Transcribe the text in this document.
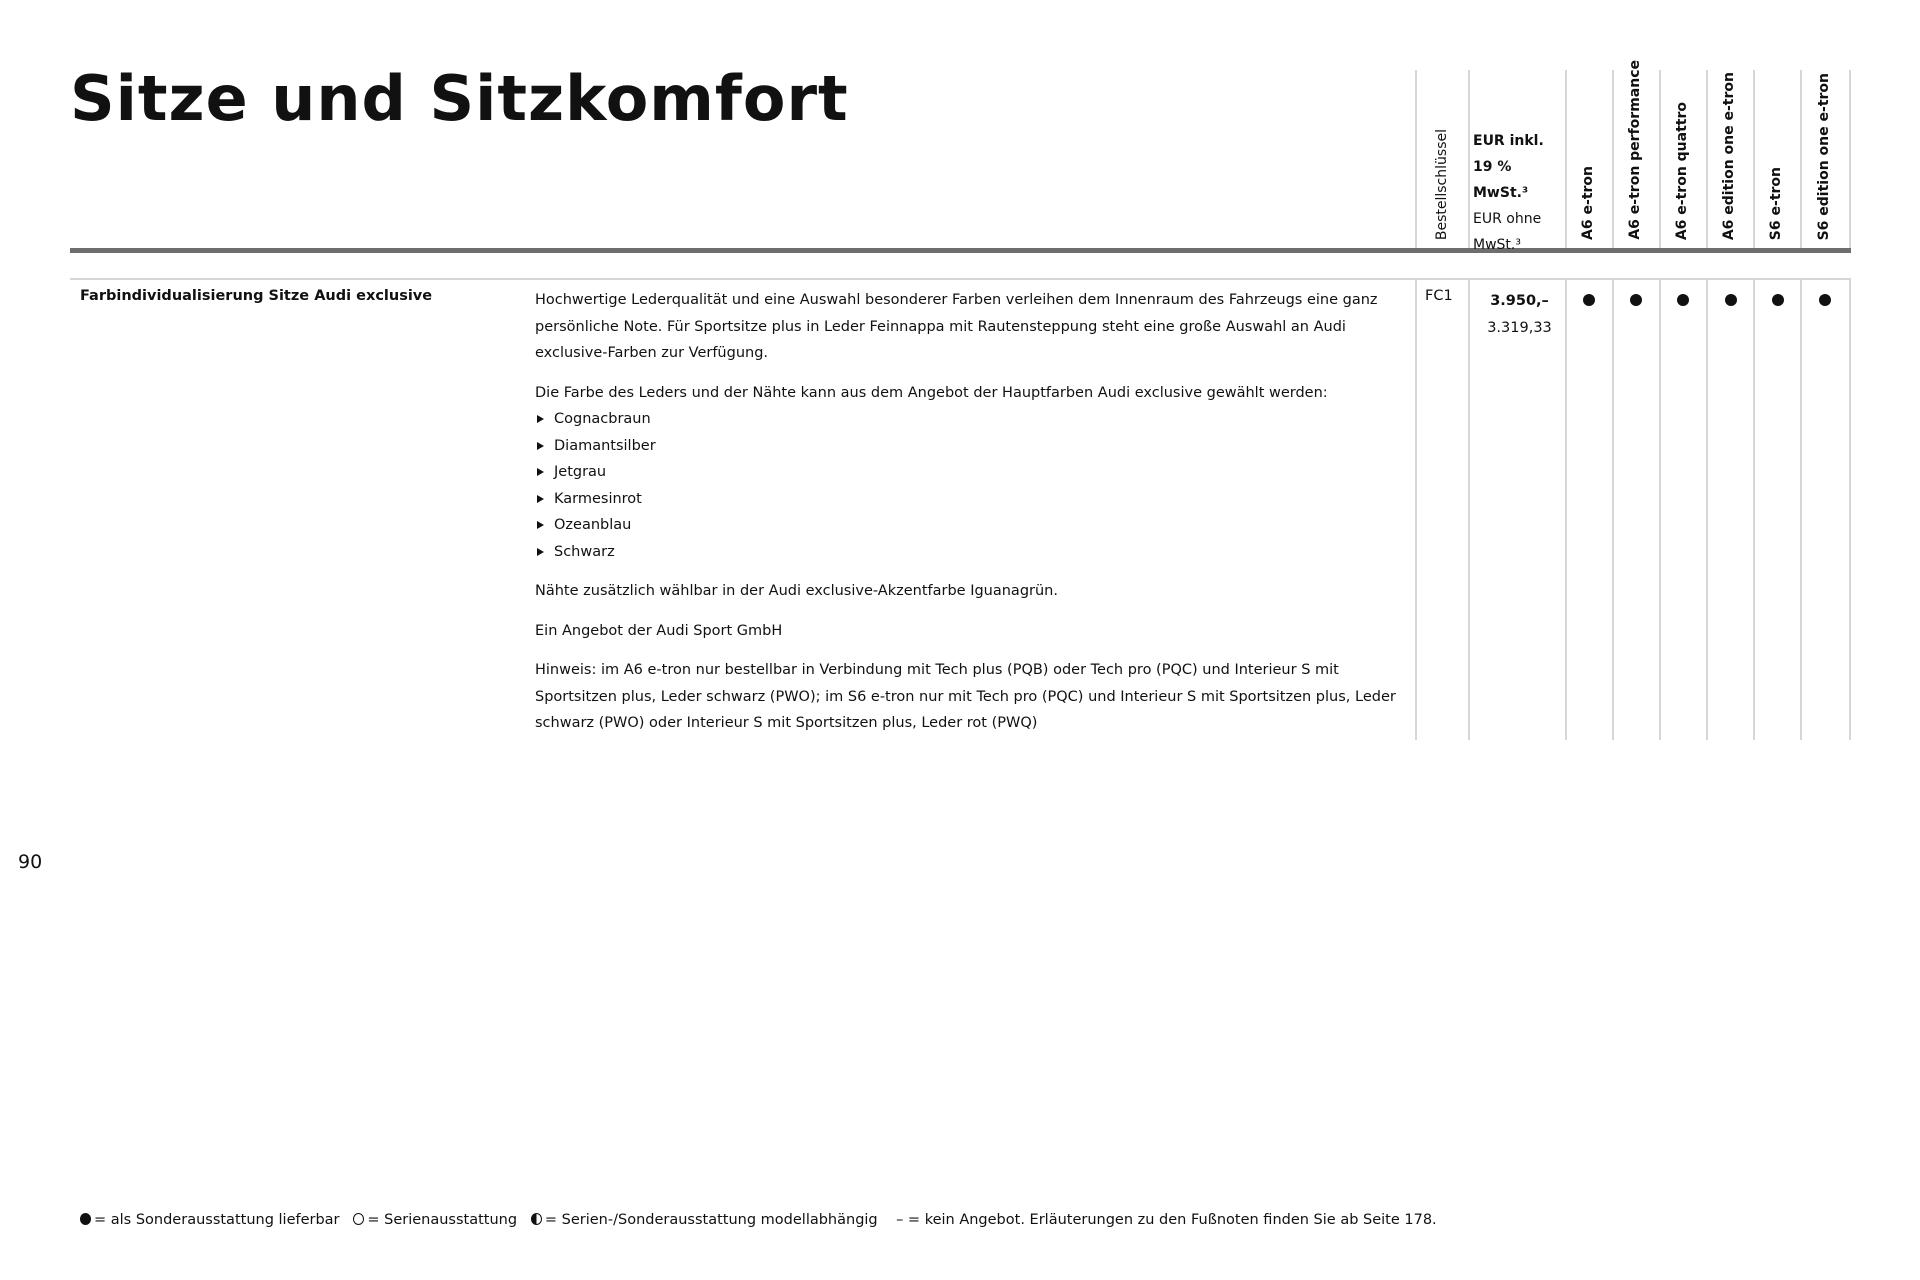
Sitze und Sitzkomfort
Bestellschlüssel EUR inkl. 19 % MwSt.³
EUR ohne MwSt.³
A6 e-tron A6 e-tron performance A6 e-tron quattro A6 edition one e-tron S6 e-tron S6 edition one e-tron
Farbindividualisierung Sitze Audi exclusive	Hochwertige Lederqualität und eine Auswahl besonderer Farben verleihen dem Innenraum des Fahrzeugs eine ganz persönliche Note. Für Sportsitze plus in Leder Feinnappa mit Rautensteppung steht eine große Auswahl an Audi exclusive-Farben zur Verfügung.

Die Farbe des Leders und der Nähte kann aus dem Angebot der Hauptfarben Audi exclusive gewählt werden:

Cognacbraun
Diamantsilber
Jetgrau
Karmesinrot
Ozeanblau
Schwarz

Nähte zusätzlich wählbar in der Audi exclusive-Akzentfarbe Iguanagrün.

Ein Angebot der Audi Sport GmbH

Hinweis: im A6 e-tron nur bestellbar in Verbindung mit Tech plus (PQB) oder Tech pro (PQC) und Interieur S mit Sportsitzen plus, Leder schwarz (PWO); im S6 e-tron nur mit Tech pro (PQC) und Interieur S mit Sportsitzen plus, Leder schwarz (PWO) oder Interieur S mit Sportsitzen plus, Leder rot (PWQ)

FC1	3.950,–
3.319,33
90
= als Sonderausstattung lieferbar = Serienausstattung = Serien-/Sonderausstattung modellabhängig – = kein Angebot. Erläuterungen zu den Fußnoten finden Sie ab Seite 178.
